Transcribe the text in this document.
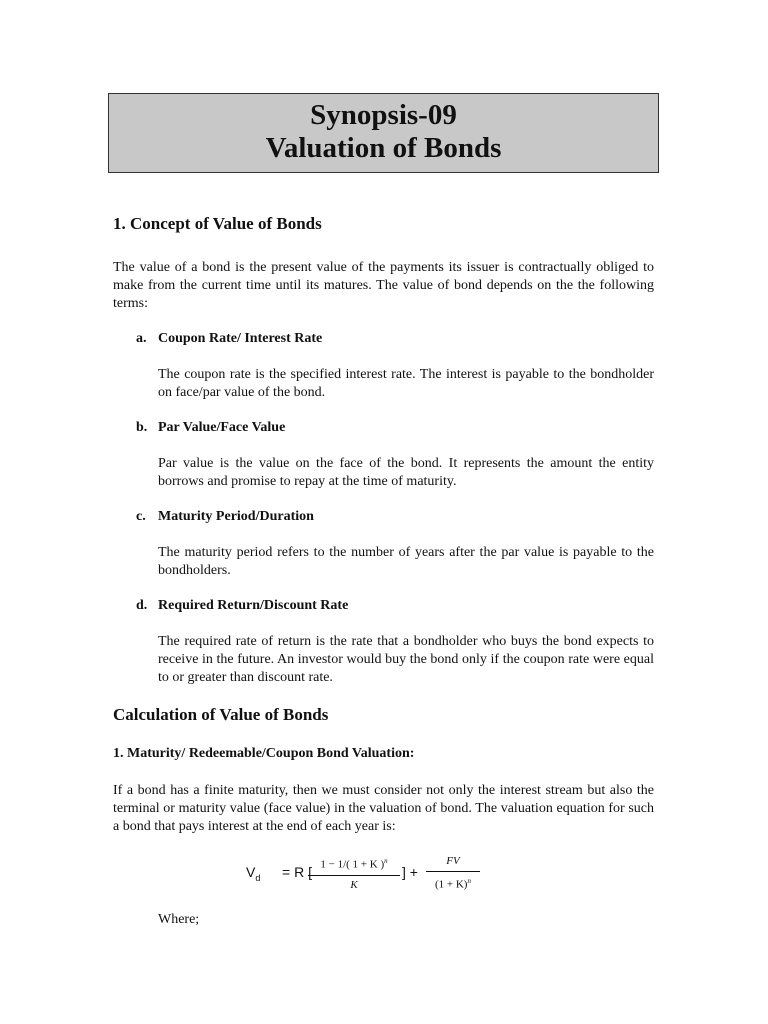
Synopsis-09
Valuation of Bonds
1. Concept of Value of Bonds

The value of a bond is the present value of the payments its issuer is contractually obliged to make from the current time until its matures. The value of bond depends on the the following terms:

a. Coupon Rate/ Interest Rate

The coupon rate is the specified interest rate. The interest is payable to the bondholder on face/par value of the bond.

b. Par Value/Face Value

Par value is the value on the face of the bond. It represents the amount the entity borrows and promise to repay at the time of maturity.

c. Maturity Period/Duration

The maturity period refers to the number of years after the par value is payable to the bondholders.

d. Required Return/Discount Rate

The required rate of return is the rate that a bondholder who buys the bond expects to receive in the future. An investor would buy the bond only if the coupon rate were equal to or greater than discount rate.

Calculation of Value of Bonds

1. Maturity/ Redeemable/Coupon Bond Valuation:

If a bond has a finite maturity, then we must consider not only the interest stream but also the terminal or maturity value (face value) in the valuation of bond. The valuation equation for such a bond that pays interest at the end of each year is:

$V_d = R$ [ 1 − 1/( 1 + K )$^n$
K
] +
FV
$(1 + K)^n$

Where;
